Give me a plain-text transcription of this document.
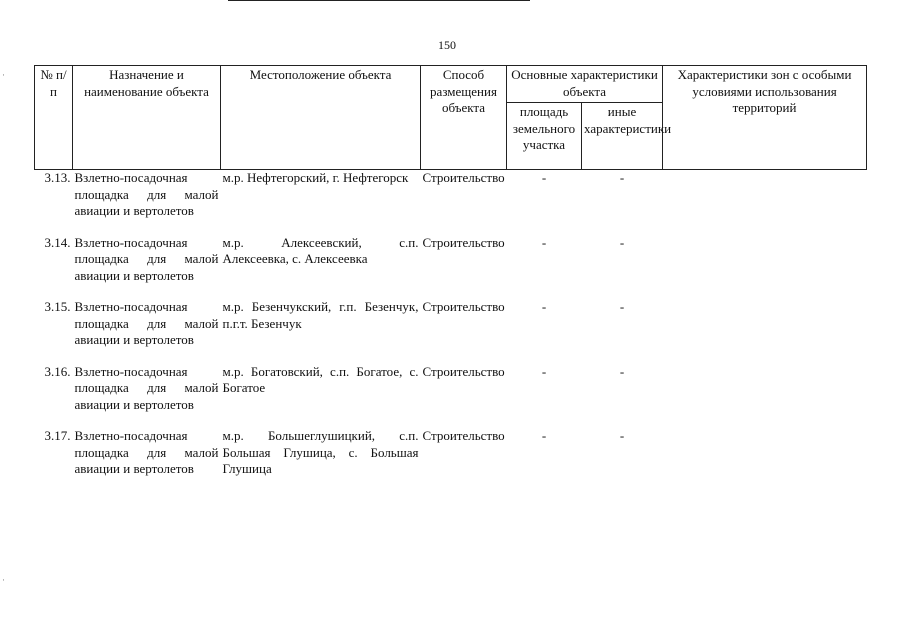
·
·
150
№ п/п	Назначение и наименование объекта	Местоположение объекта	Способ размещения объекта	Основные характеристики объекта		Характеристики зон с особыми условиями использования территорий
				площадь земельного участка	иные характеристики	
3.13.	Взлетно-посадочная площадка для малой авиации и вертолетов	м.р. Нефтегорский, г. Нефтегорск	Строительство	-	-	
3.14.	Взлетно-посадочная площадка для малой авиации и вертолетов	м.р. Алексеевский, с.п. Алексеевка, с. Алексеевка	Строительство	-	-	
3.15.	Взлетно-посадочная площадка для малой авиации и вертолетов	м.р. Безенчукский, г.п. Безенчук, п.г.т. Безенчук	Строительство	-	-	
3.16.	Взлетно-посадочная площадка для малой авиации и вертолетов	м.р. Богатовский, с.п. Богатое, с. Богатое	Строительство	-	-	
3.17.	Взлетно-посадочная площадка для малой авиации и вертолетов	м.р. Большеглушицкий, с.п. Большая Глушица, с. Большая Глушица	Строительство	-	-	
